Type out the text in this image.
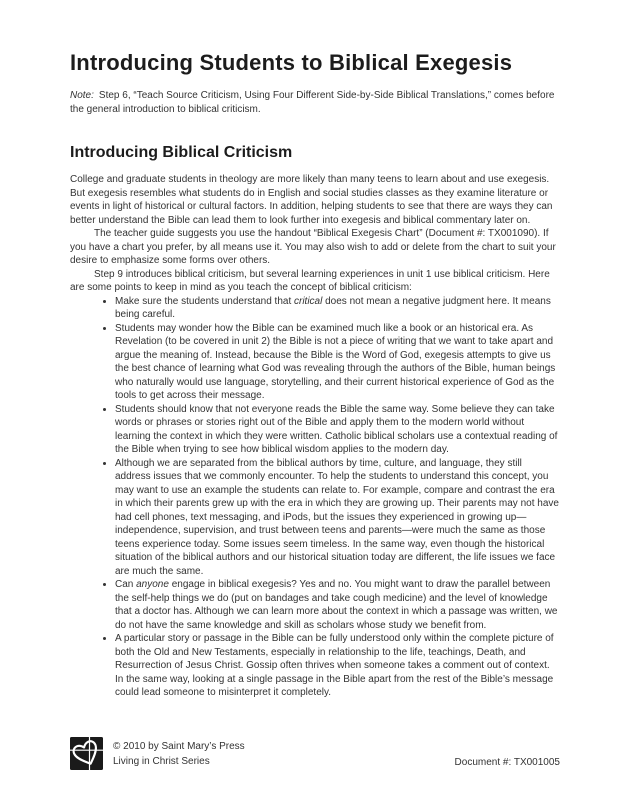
Introducing Students to Biblical Exegesis

Note: Step 6, “Teach Source Criticism, Using Four Different Side-by-Side Biblical Translations,” comes before the general introduction to biblical criticism.

Introducing Biblical Criticism

College and graduate students in theology are more likely than many teens to learn about and use exegesis. But exegesis resembles what students do in English and social studies classes as they examine literature or events in light of historical or cultural factors. In addition, helping students to see that there are ways they can better understand the Bible can lead them to look further into exegesis and biblical commentary later on.

The teacher guide suggests you use the handout “Biblical Exegesis Chart” (Document #: TX001090). If you have a chart you prefer, by all means use it. You may also wish to add or delete from the chart to suit your desire to emphasize some forms over others.

Step 9 introduces biblical criticism, but several learning experiences in unit 1 use biblical criticism. Here are some points to keep in mind as you teach the concept of biblical criticism:

• Make sure the students understand that critical does not mean a negative judgment here. It means being careful.
• Students may wonder how the Bible can be examined much like a book or an historical era. As Revelation (to be covered in unit 2) the Bible is not a piece of writing that we want to take apart and argue the meaning of. Instead, because the Bible is the Word of God, exegesis attempts to give us the best chance of learning what God was revealing through the authors of the Bible, human beings who naturally would use language, storytelling, and their current historical experience of God as the tools to get across their message.
• Students should know that not everyone reads the Bible the same way. Some believe they can take words or phrases or stories right out of the Bible and apply them to the modern world without learning the context in which they were written. Catholic biblical scholars use a contextual reading of the Bible when trying to see how biblical wisdom applies to the modern day.
• Although we are separated from the biblical authors by time, culture, and language, they still address issues that we commonly encounter. To help the students to understand this concept, you may want to use an example the students can relate to. For example, compare and contrast the era in which their parents grew up with the era in which they are growing up. Their parents may not have had cell phones, text messaging, and iPods, but the issues they experienced in growing up—independence, supervision, and trust between teens and parents—were much the same as those teens experience today. Some issues seem timeless. In the same way, even though the historical situation of the biblical authors and our historical situation today are different, the life issues we face are much the same.
• Can anyone engage in biblical exegesis? Yes and no. You might want to draw the parallel between the self-help things we do (put on bandages and take cough medicine) and the level of knowledge that a doctor has. Although we can learn more about the context in which a passage was written, we do not have the same knowledge and skill as scholars whose study we benefit from.
• A particular story or passage in the Bible can be fully understood only within the complete picture of both the Old and New Testaments, especially in relationship to the life, teachings, Death, and Resurrection of Jesus Christ. Gossip often thrives when someone takes a comment out of context. In the same way, looking at a single passage in the Bible apart from the rest of the Bible’s message could lead someone to misinterpret it completely.
© 2010 by Saint Mary’s Press
Living in Christ Series	Document #: TX001005
